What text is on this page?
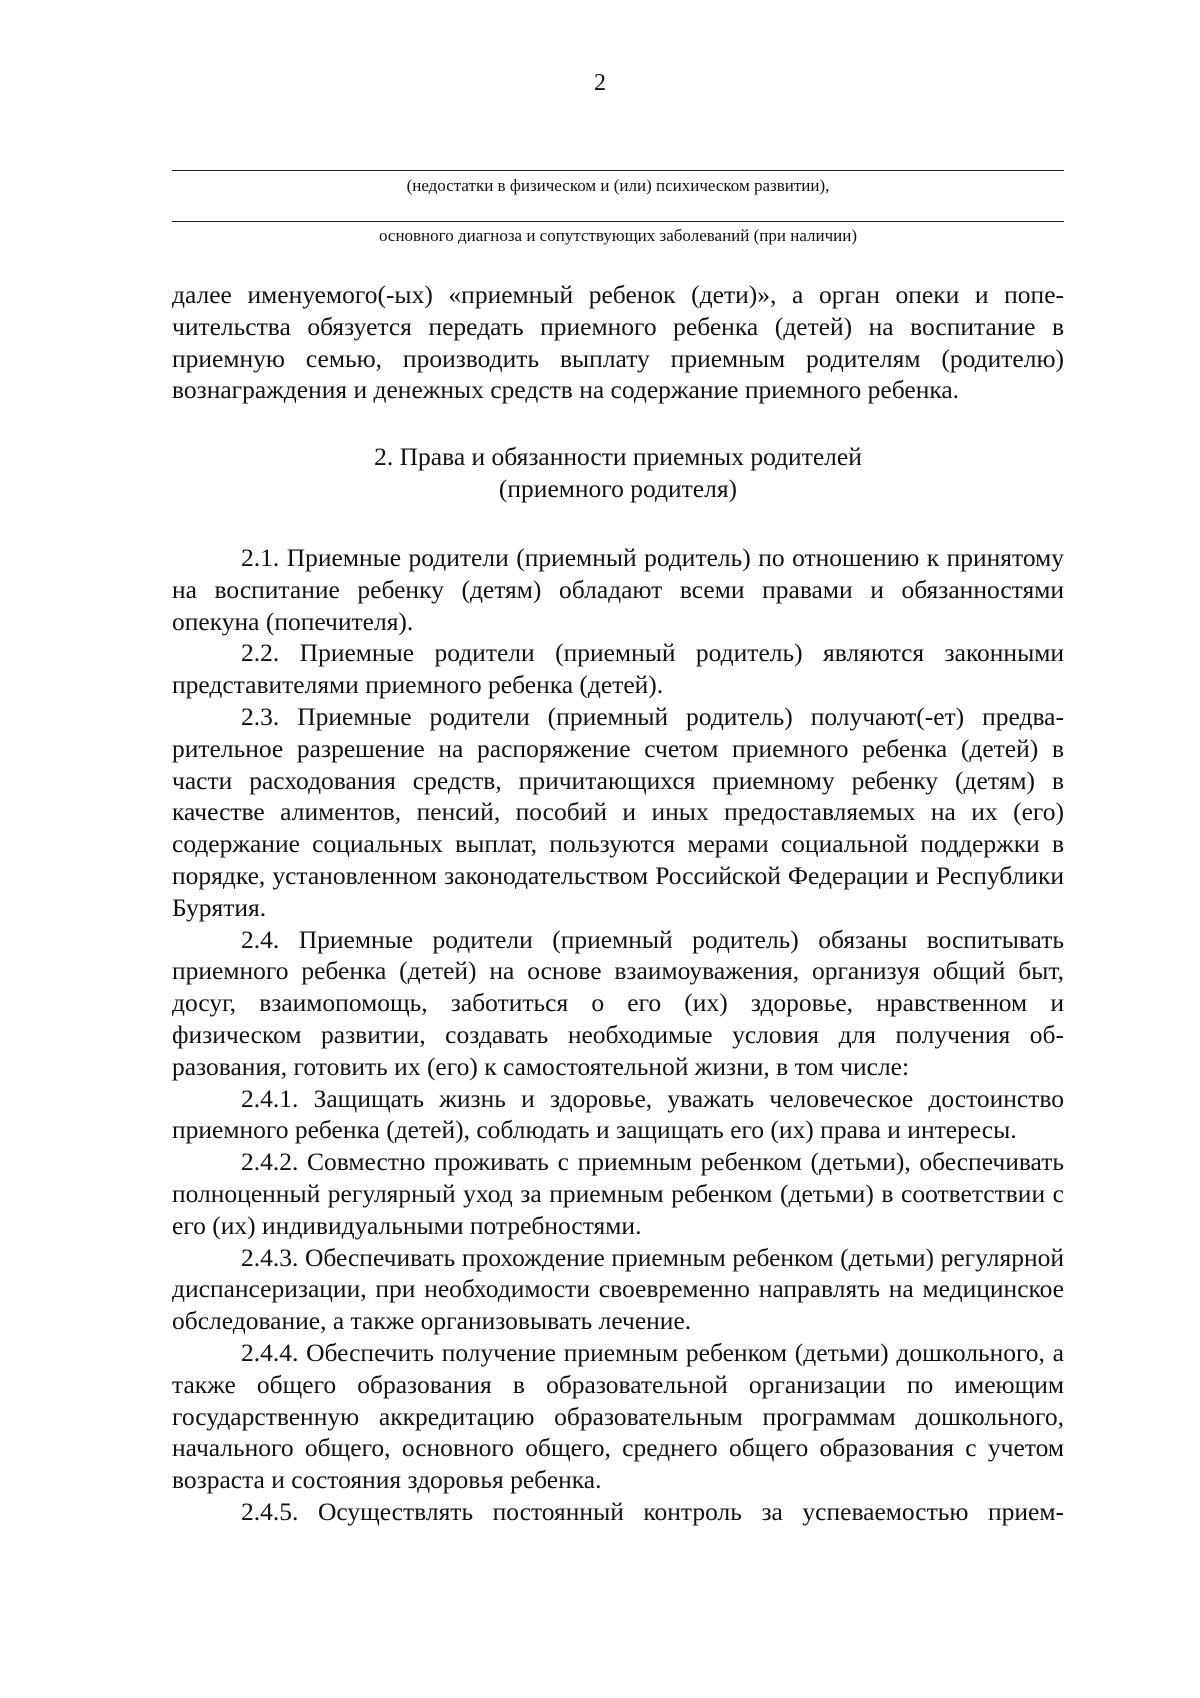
2
(недостатки в физическом и (или) психическом развитии),
основного диагноза и сопутствующих заболеваний (при наличии)

далее именуемого(-ых) «приемный ребенок (дети)», а орган опеки и попе-

чительства обязуется передать приемного ребенка (детей) на воспитание в

приемную семью, производить выплату приемным родителям (родителю)

вознаграждения и денежных средств на содержание приемного ребенка.

2. Права и обязанности приемных родителей
(приемного родителя)

2.1. Приемные родители (приемный родитель) по отношению к принятому на воспитание ребенку (детям) обладают всеми правами и обязанностями опекуна (попечителя).

2.2. Приемные родители (приемный родитель) являются законными представителями приемного ребенка (детей).

2.3. Приемные родители (приемный родитель) получают(-ет) предварительное разрешение на распоряжение счетом приемного ребенка (детей) в части расходования средств, причитающихся приемному ребенку (детям) в качестве алиментов, пенсий, пособий и иных предоставляемых на их (его) содержание социальных выплат, пользуются мерами социальной поддержки в порядке, установленном законодательством Российской Федерации и Республики Бурятия.

2.4. Приемные родители (приемный родитель) обязаны воспитывать приемного ребенка (детей) на основе взаимоуважения, организуя общий быт, досуг, взаимопомощь, заботиться о его (их) здоровье, нравственном и физическом развитии, создавать необходимые условия для получения образования, готовить их (его) к самостоятельной жизни, в том числе:

2.4.1. Защищать жизнь и здоровье, уважать человеческое достоинство приемного ребенка (детей), соблюдать и защищать его (их) права и интересы.

2.4.2. Совместно проживать с приемным ребенком (детьми), обеспечивать полноценный регулярный уход за приемным ребенком (детьми) в соответствии с его (их) индивидуальными потребностями.

2.4.3. Обеспечивать прохождение приемным ребенком (детьми) регулярной диспансеризации, при необходимости своевременно направлять на медицинское обследование, а также организовывать лечение.

2.4.4. Обеспечить получение приемным ребенком (детьми) дошкольного, а также общего образования в образовательной организации по имеющим государственную аккредитацию образовательным программам дошкольного, начального общего, основного общего, среднего общего образования с учетом возраста и состояния здоровья ребенка.

2.4.5. Осуществлять постоянный контроль за успеваемостью прием-
